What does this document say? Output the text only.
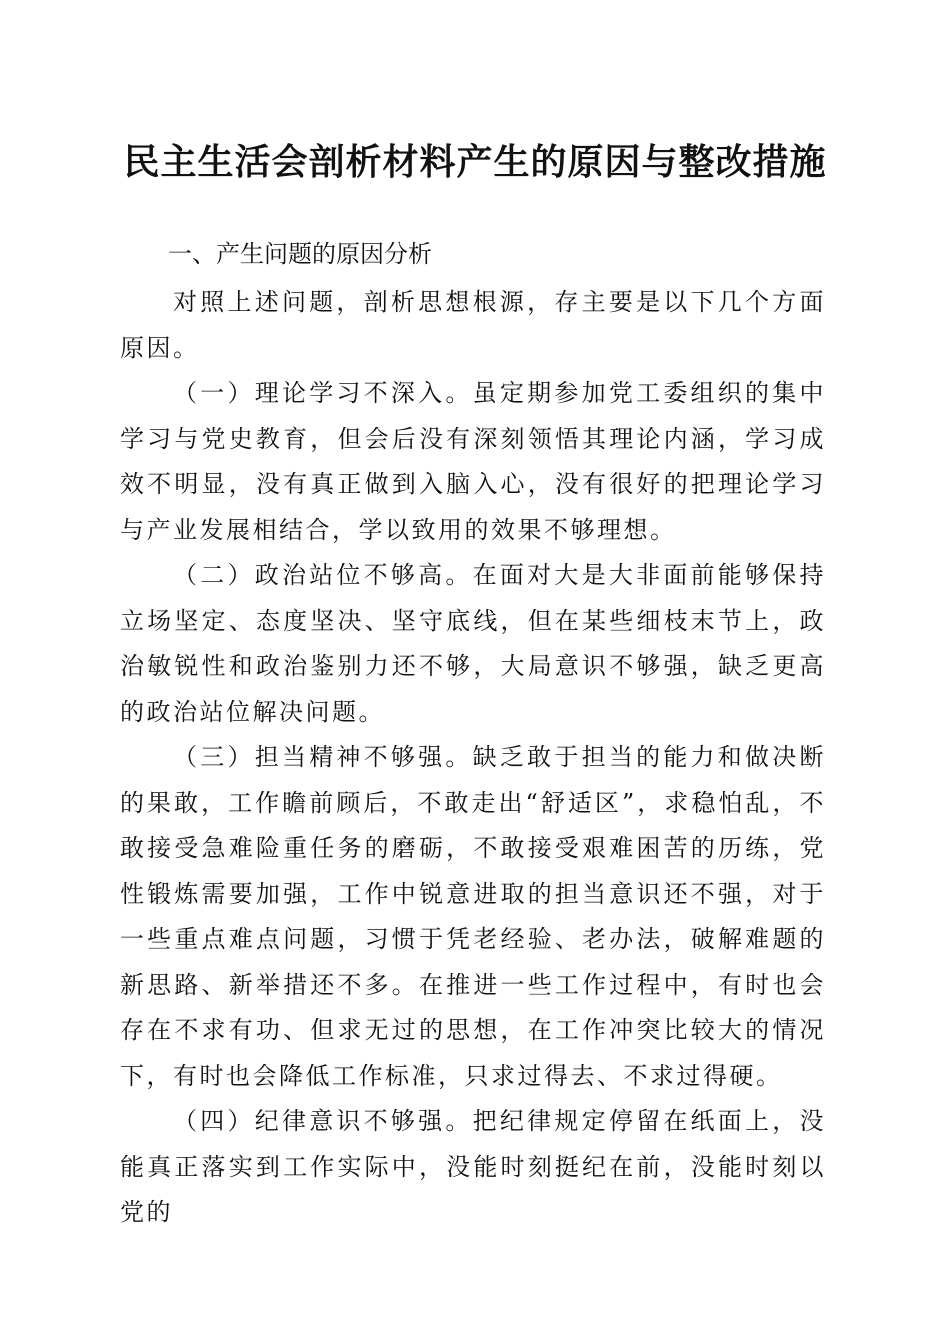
民主生活会剖析材料产生的原因与整改措施
一、产生问题的原因分析

对照上述问题，剖析思想根源，存主要是以下几个方面原因。

（一）理论学习不深入。虽定期参加党工委组织的集中学习与党史教育，但会后没有深刻领悟其理论内涵，学习成效不明显，没有真正做到入脑入心，没有很好的把理论学习与产业发展相结合，学以致用的效果不够理想。

（二）政治站位不够高。在面对大是大非面前能够保持立场坚定、态度坚决、坚守底线，但在某些细枝末节上，政治敏锐性和政治鉴别力还不够，大局意识不够强，缺乏更高的政治站位解决问题。

（三）担当精神不够强。缺乏敢于担当的能力和做决断的果敢，工作瞻前顾后，不敢走出“舒适区”，求稳怕乱，不敢接受急难险重任务的磨砺，不敢接受艰难困苦的历练，党性锻炼需要加强，工作中锐意进取的担当意识还不强，对于一些重点难点问题，习惯于凭老经验、老办法，破解难题的新思路、新举措还不多。在推进一些工作过程中，有时也会存在不求有功、但求无过的思想，在工作冲突比较大的情况下，有时也会降低工作标准，只求过得去、不求过得硬。

（四）纪律意识不够强。把纪律规定停留在纸面上，没能真正落实到工作实际中，没能时刻挺纪在前，没能时刻以党的
